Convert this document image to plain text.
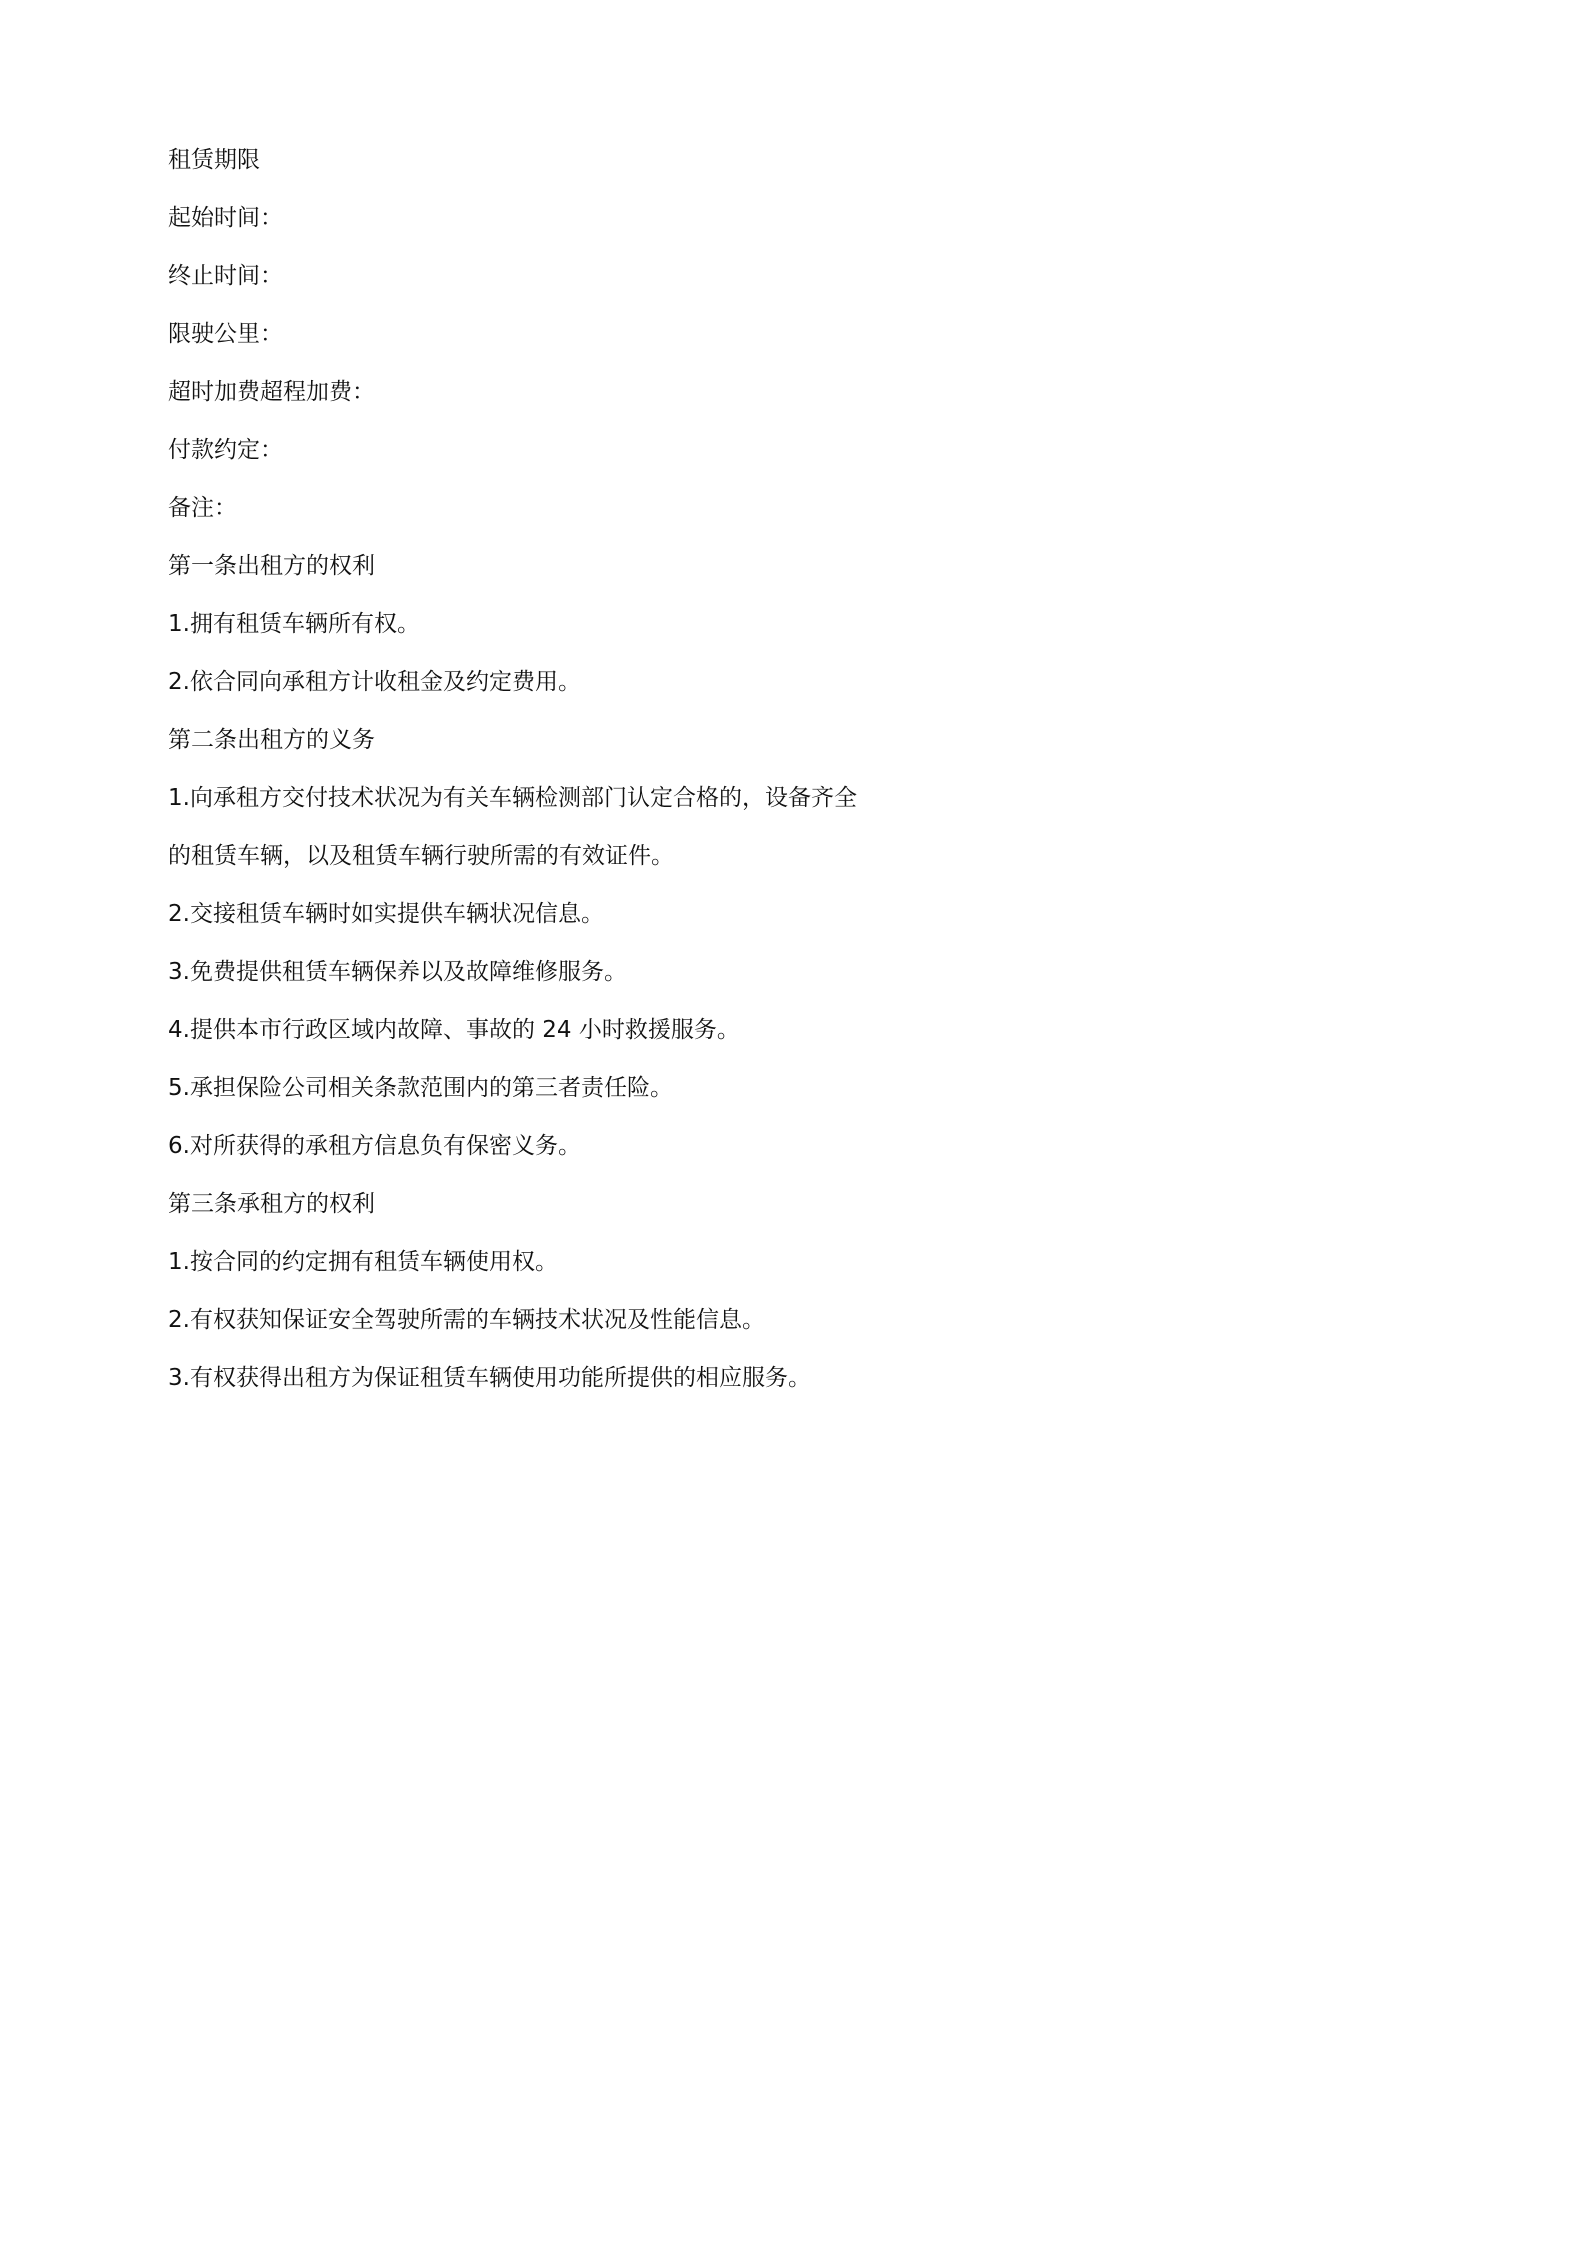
租赁期限

起始时间：

终止时间：

限驶公里：

超时加费超程加费：

付款约定：

备注：

第一条出租方的权利

1.拥有租赁车辆所有权。

2.依合同向承租方计收租金及约定费用。

第二条出租方的义务

1.向承租方交付技术状况为有关车辆检测部门认定合格的，设备齐全

的租赁车辆，以及租赁车辆行驶所需的有效证件。

2.交接租赁车辆时如实提供车辆状况信息。

3.免费提供租赁车辆保养以及故障维修服务。

4.提供本市行政区域内故障、事故的 24 小时救援服务。

5.承担保险公司相关条款范围内的第三者责任险。

6.对所获得的承租方信息负有保密义务。

第三条承租方的权利

1.按合同的约定拥有租赁车辆使用权。

2.有权获知保证安全驾驶所需的车辆技术状况及性能信息。

3.有权获得出租方为保证租赁车辆使用功能所提供的相应服务。
